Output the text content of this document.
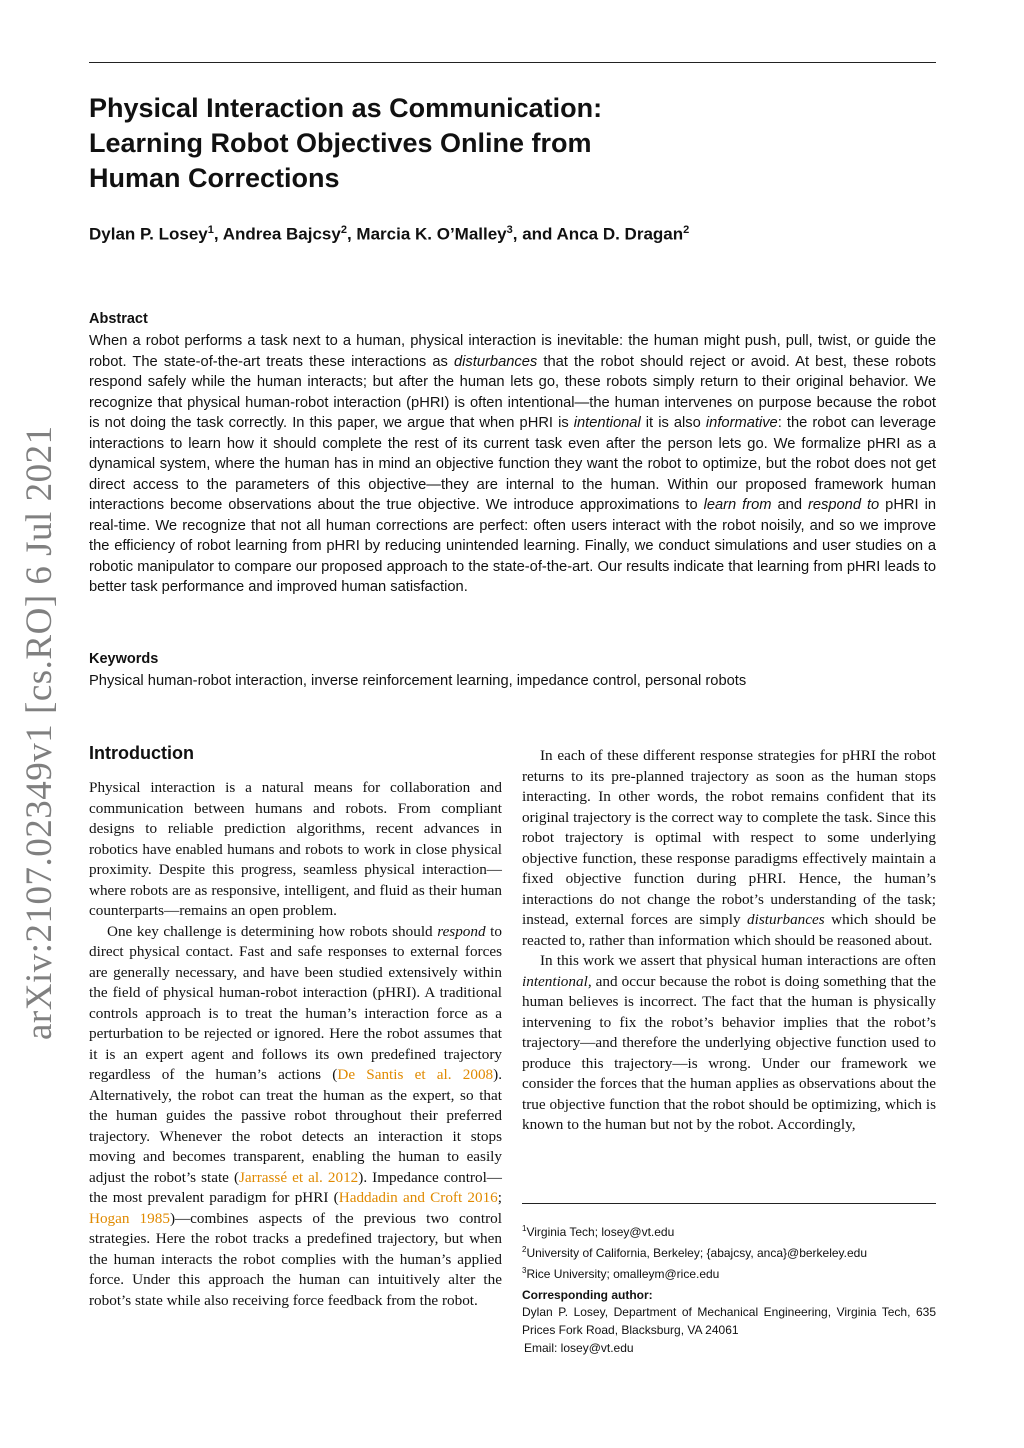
arXiv:2107.02349v1 [cs.RO] 6 Jul 2021
Physical Interaction as Communication:
Learning Robot Objectives Online from
Human Corrections
Dylan P. Losey$^1$, Andrea Bajcsy$^2$, Marcia K. O’Malley$^3$, and Anca D. Dragan$^2$
Abstract

When a robot performs a task next to a human, physical interaction is inevitable: the human might push, pull, twist, or guide the robot. The state-of-the-art treats these interactions as disturbances that the robot should reject or avoid. At best, these robots respond safely while the human interacts; but after the human lets go, these robots simply return to their original behavior. We recognize that physical human-robot interaction (pHRI) is often intentional—the human intervenes on purpose because the robot is not doing the task correctly. In this paper, we argue that when pHRI is intentional it is also informative: the robot can leverage interactions to learn how it should complete the rest of its current task even after the person lets go. We formalize pHRI as a dynamical system, where the human has in mind an objective function they want the robot to optimize, but the robot does not get direct access to the parameters of this objective—they are internal to the human. Within our proposed framework human interactions become observations about the true objective. We introduce approximations to learn from and respond to pHRI in real-time. We recognize that not all human corrections are perfect: often users interact with the robot noisily, and so we improve the efficiency of robot learning from pHRI by reducing unintended learning. Finally, we conduct simulations and user studies on a robotic manipulator to compare our proposed approach to the state-of-the-art. Our results indicate that learning from pHRI leads to better task performance and improved human satisfaction.

Keywords

Physical human-robot interaction, inverse reinforcement learning, impedance control, personal robots

Introduction

Physical interaction is a natural means for collaboration and communication between humans and robots. From compliant designs to reliable prediction algorithms, recent advances in robotics have enabled humans and robots to work in close physical proximity. Despite this progress, seamless physical interaction—where robots are as responsive, intelligent, and fluid as their human counterparts—remains an open problem.

One key challenge is determining how robots should respond to direct physical contact. Fast and safe responses to external forces are generally necessary, and have been studied extensively within the field of physical human-robot interaction (pHRI). A traditional controls approach is to treat the human’s interaction force as a perturbation to be rejected or ignored. Here the robot assumes that it is an expert agent and follows its own predefined trajectory regardless of the human’s actions (De Santis et al. 2008). Alternatively, the robot can treat the human as the expert, so that the human guides the passive robot throughout their preferred trajectory. Whenever the robot detects an interaction it stops moving and becomes transparent, enabling the human to easily adjust the robot’s state (Jarrassé et al. 2012). Impedance control—the most prevalent paradigm for pHRI (Haddadin and Croft 2016; Hogan 1985)—combines aspects of the previous two control strategies. Here the robot tracks a predefined trajectory, but when the human interacts the robot complies with the human’s applied force. Under this approach the human can intuitively alter the robot’s state while also receiving force feedback from the robot.

In each of these different response strategies for pHRI the robot returns to its pre-planned trajectory as soon as the human stops interacting. In other words, the robot remains confident that its original trajectory is the correct way to complete the task. Since this robot trajectory is optimal with respect to some underlying objective function, these response paradigms effectively maintain a fixed objective function during pHRI. Hence, the human’s interactions do not change the robot’s understanding of the task; instead, external forces are simply disturbances which should be reacted to, rather than information which should be reasoned about.

In this work we assert that physical human interactions are often intentional, and occur because the robot is doing something that the human believes is incorrect. The fact that the human is physically intervening to fix the robot’s behavior implies that the robot’s trajectory—and therefore the underlying objective function used to produce this trajectory—is wrong. Under our framework we consider the forces that the human applies as observations about the true objective function that the robot should be optimizing, which is known to the human but not by the robot. Accordingly,

$^1$Virginia Tech; losey@vt.edu
$^2$University of California, Berkeley; {abajcsy, anca}@berkeley.edu
$^3$Rice University; omalleym@rice.edu
Corresponding author:
Dylan P. Losey, Department of Mechanical Engineering, Virginia Tech, 635 Prices Fork Road, Blacksburg, VA 24061
Email: losey@vt.edu
